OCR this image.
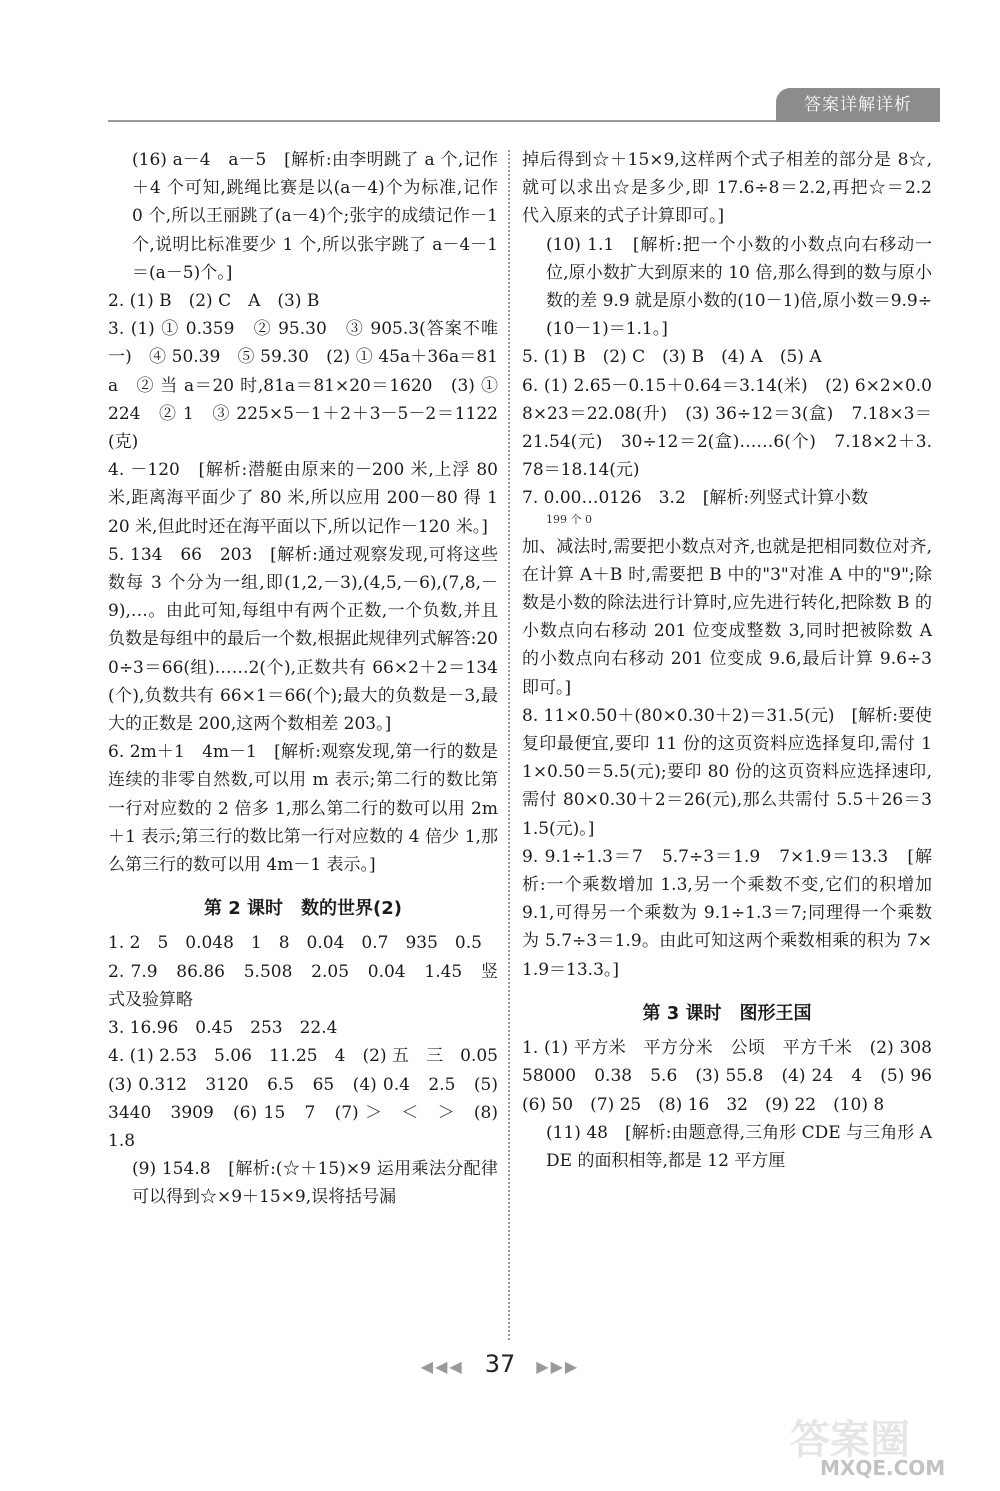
答案详解详析

(16) a－4　a－5　[解析:由李明跳了 a 个,记作＋4 个可知,跳绳比赛是以(a－4)个为标准,记作 0 个,所以王丽跳了(a－4)个;张宇的成绩记作－1 个,说明比标准要少 1 个,所以张宇跳了 a－4－1＝(a－5)个。]

2. (1) B　(2) C　A　(3) B

3. (1) ① 0.359　② 95.30　③ 905.3(答案不唯一)　④ 50.39　⑤ 59.30　(2) ① 45a＋36a＝81a　② 当 a＝20 时,81a＝81×20＝1620　(3) ① 224　② 1　③ 225×5－1＋2＋3－5－2＝1122(克)

4. －120　[解析:潜艇由原来的－200 米,上浮 80 米,距离海平面少了 80 米,所以应用 200－80 得 120 米,但此时还在海平面以下,所以记作－120 米。]

5. 134　66　203　[解析:通过观察发现,可将这些数每 3 个分为一组,即(1,2,－3),(4,5,－6),(7,8,－9),…。由此可知,每组中有两个正数,一个负数,并且负数是每组中的最后一个数,根据此规律列式解答:200÷3＝66(组)……2(个),正数共有 66×2＋2＝134(个),负数共有 66×1＝66(个);最大的负数是－3,最大的正数是 200,这两个数相差 203。]

6. 2m＋1　4m－1　[解析:观察发现,第一行的数是连续的非零自然数,可以用 m 表示;第二行的数比第一行对应数的 2 倍多 1,那么第二行的数可以用 2m＋1 表示;第三行的数比第一行对应数的 4 倍少 1,那么第三行的数可以用 4m－1 表示。]

第 2 课时　数的世界(2)

1. 2　5　0.048　1　8　0.04　0.7　935　0.5

2. 7.9　86.86　5.508　2.05　0.04　1.45　竖式及验算略

3. 16.96　0.45　253　22.4

4. (1) 2.53　5.06　11.25　4　(2) 五　三　0.05　(3) 0.312　3120　6.5　65　(4) 0.4　2.5　(5) 3440　3909　(6) 15　7　(7) ＞　＜　＞　(8) 1.8

(9) 154.8　[解析:(☆＋15)×9 运用乘法分配律可以得到☆×9＋15×9,误将括号漏

掉后得到☆＋15×9,这样两个式子相差的部分是 8☆,就可以求出☆是多少,即 17.6÷8＝2.2,再把☆＝2.2 代入原来的式子计算即可。]

(10) 1.1　[解析:把一个小数的小数点向右移动一位,原小数扩大到原来的 10 倍,那么得到的数与原小数的差 9.9 就是原小数的(10－1)倍,原小数＝9.9÷(10－1)＝1.1。]

5. (1) B　(2) C　(3) B　(4) A　(5) A

6. (1) 2.65－0.15＋0.64＝3.14(米)　(2) 6×2×0.08×23＝22.08(升)　(3) 36÷12＝3(盒)　7.18×3＝21.54(元)　30÷12＝2(盒)……6(个)　7.18×2＋3.78＝18.14(元)

7. 0.00…0126　3.2　[解析:列竖式计算小数

199 个 0

加、减法时,需要把小数点对齐,也就是把相同数位对齐,在计算 A＋B 时,需要把 B 中的"3"对准 A 中的"9";除数是小数的除法进行计算时,应先进行转化,把除数 B 的小数点向右移动 201 位变成整数 3,同时把被除数 A 的小数点向右移动 201 位变成 9.6,最后计算 9.6÷3 即可。]

8. 11×0.50＋(80×0.30＋2)＝31.5(元)　[解析:要使复印最便宜,要印 11 份的这页资料应选择复印,需付 11×0.50＝5.5(元);要印 80 份的这页资料应选择速印,需付 80×0.30＋2＝26(元),那么共需付 5.5＋26＝31.5(元)。]

9. 9.1÷1.3＝7　5.7÷3＝1.9　7×1.9＝13.3　[解析:一个乘数增加 1.3,另一个乘数不变,它们的积增加 9.1,可得另一个乘数为 9.1÷1.3＝7;同理得一个乘数为 5.7÷3＝1.9。由此可知这两个乘数相乘的积为 7×1.9＝13.3。]

第 3 课时　图形王国

1. (1) 平方米　平方分米　公顷　平方千米　(2) 308　58000　0.38　5.6　(3) 55.8　(4) 24　4　(5) 96　(6) 50　(7) 25　(8) 16　32　(9) 22　(10) 8

(11) 48　[解析:由题意得,三角形 CDE 与三角形 ADE 的面积相等,都是 12 平方厘

◀◀◀ 37 ▶▶▶
答案圈
MXQE.COM
